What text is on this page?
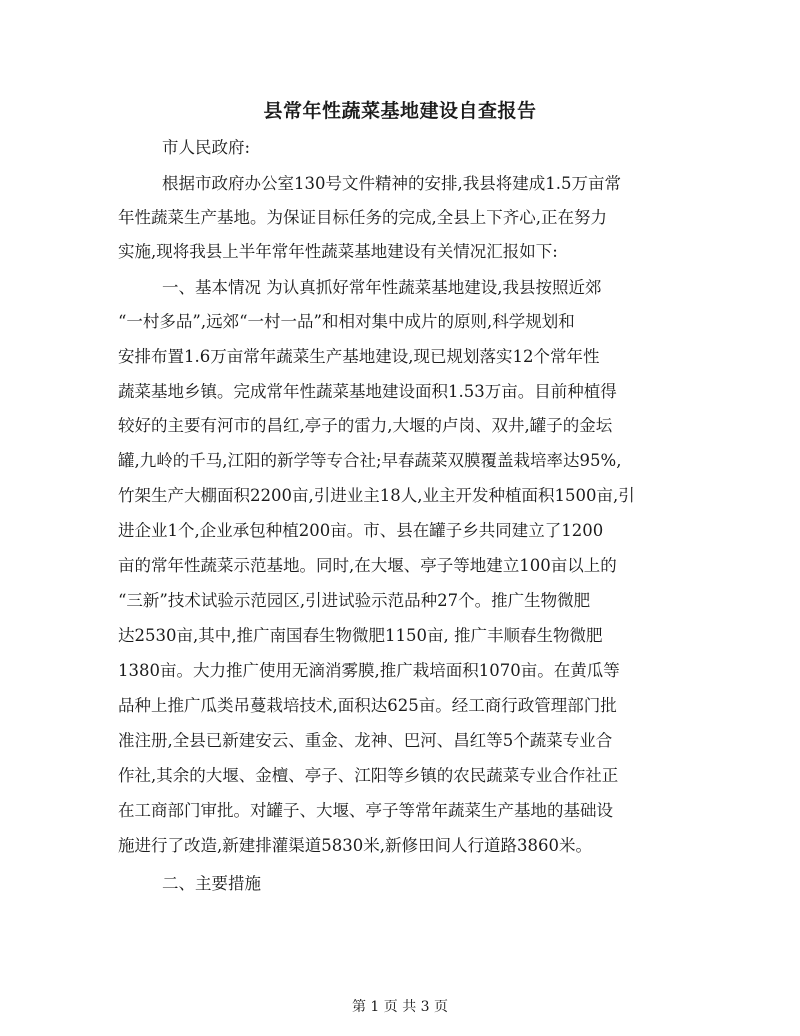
县常年性蔬菜基地建设自查报告
市人民政府:
根据市政府办公室130号文件精神的安排,我县将建成1.5万亩常
年性蔬菜生产基地。为保证目标任务的完成,全县上下齐心,正在努力
实施,现将我县上半年常年性蔬菜基地建设有关情况汇报如下:
一、基本情况 为认真抓好常年性蔬菜基地建设,我县按照近郊
“一村多品”,远郊“一村一品”和相对集中成片的原则,科学规划和
安排布置1.6万亩常年蔬菜生产基地建设,现已规划落实12个常年性
蔬菜基地乡镇。完成常年性蔬菜基地建设面积1.53万亩。目前种植得
较好的主要有河市的昌红,亭子的雷力,大堰的卢岗、双井,罐子的金坛
罐,九岭的千马,江阳的新学等专合社;早春蔬菜双膜覆盖栽培率达95%,
竹架生产大棚面积2200亩,引进业主18人,业主开发种植面积1500亩,引
进企业1个,企业承包种植200亩。市、县在罐子乡共同建立了1200
亩的常年性蔬菜示范基地。同时,在大堰、亭子等地建立100亩以上的
“三新”技术试验示范园区,引进试验示范品种27个。推广生物微肥
达2530亩,其中,推广南国春生物微肥1150亩, 推广丰顺春生物微肥
1380亩。大力推广使用无滴消雾膜,推广栽培面积1070亩。在黄瓜等
品种上推广瓜类吊蔓栽培技术,面积达625亩。经工商行政管理部门批
准注册,全县已新建安云、重金、龙神、巴河、昌红等5个蔬菜专业合
作社,其余的大堰、金檀、亭子、江阳等乡镇的农民蔬菜专业合作社正
在工商部门审批。对罐子、大堰、亭子等常年蔬菜生产基地的基础设
施进行了改造,新建排灌渠道5830米,新修田间人行道路3860米。
二、主要措施
第 1 页 共 3 页
